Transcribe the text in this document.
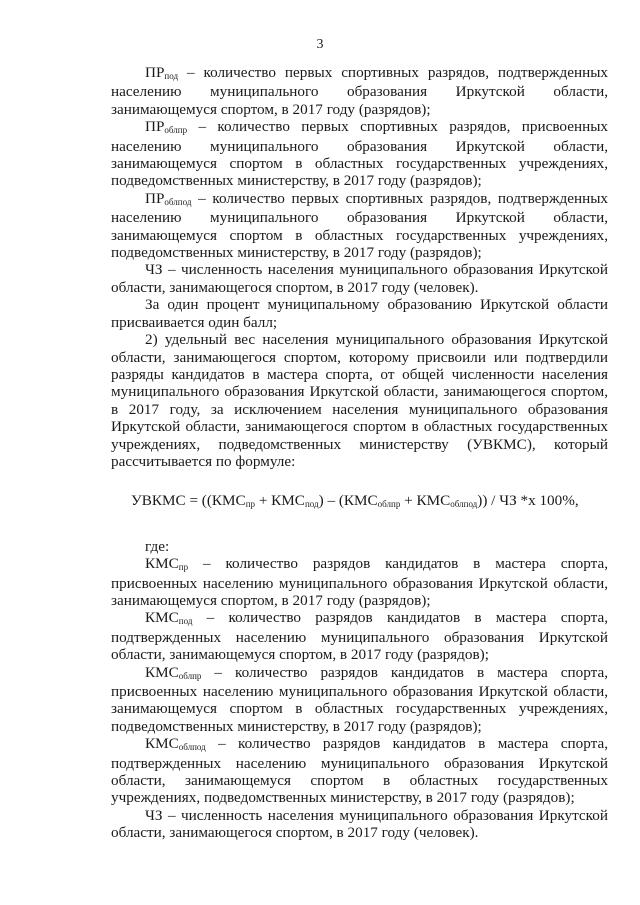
3

$ПР_{под}$ – количество первых спортивных разрядов, подтвержденных населению муниципального образования Иркутской области, занимающемуся спортом, в 2017 году (разрядов);

$ПР_{облпр}$ – количество первых спортивных разрядов, присвоенных населению муниципального образования Иркутской области, занимающемуся спортом в областных государственных учреждениях, подведомственных министерству, в 2017 году (разрядов);

$ПР_{облпод}$ – количество первых спортивных разрядов, подтвержденных населению муниципального образования Иркутской области, занимающемуся спортом в областных государственных учреждениях, подведомственных министерству, в 2017 году (разрядов);

ЧЗ – численность населения муниципального образования Иркутской области, занимающегося спортом, в 2017 году (человек).

За один процент муниципальному образованию Иркутской области присваивается один балл;

2) удельный вес населения муниципального образования Иркутской области, занимающегося спортом, которому присвоили или подтвердили разряды кандидатов в мастера спорта, от общей численности населения муниципального образования Иркутской области, занимающегося спортом, в 2017 году, за исключением населения муниципального образования Иркутской области, занимающегося спортом в областных государственных учреждениях, подведомственных министерству (УВКМС), который рассчитывается по формуле:

УВКМС = $((КМС_{пр} + КМС_{под}) - (КМС_{облпр} + КМС_{облпод}))$ / ЧЗ *х 100%,

где:

$КМС_{пр}$ – количество разрядов кандидатов в мастера спорта, присвоенных населению муниципального образования Иркутской области, занимающемуся спортом, в 2017 году (разрядов);

$КМС_{под}$ – количество разрядов кандидатов в мастера спорта, подтвержденных населению муниципального образования Иркутской области, занимающемуся спортом, в 2017 году (разрядов);

$КМС_{облпр}$ – количество разрядов кандидатов в мастера спорта, присвоенных населению муниципального образования Иркутской области, занимающемуся спортом в областных государственных учреждениях, подведомственных министерству, в 2017 году (разрядов);

$КМС_{облпод}$ – количество разрядов кандидатов в мастера спорта, подтвержденных населению муниципального образования Иркутской области, занимающемуся спортом в областных государственных учреждениях, подведомственных министерству, в 2017 году (разрядов);

ЧЗ – численность населения муниципального образования Иркутской области, занимающегося спортом, в 2017 году (человек).
